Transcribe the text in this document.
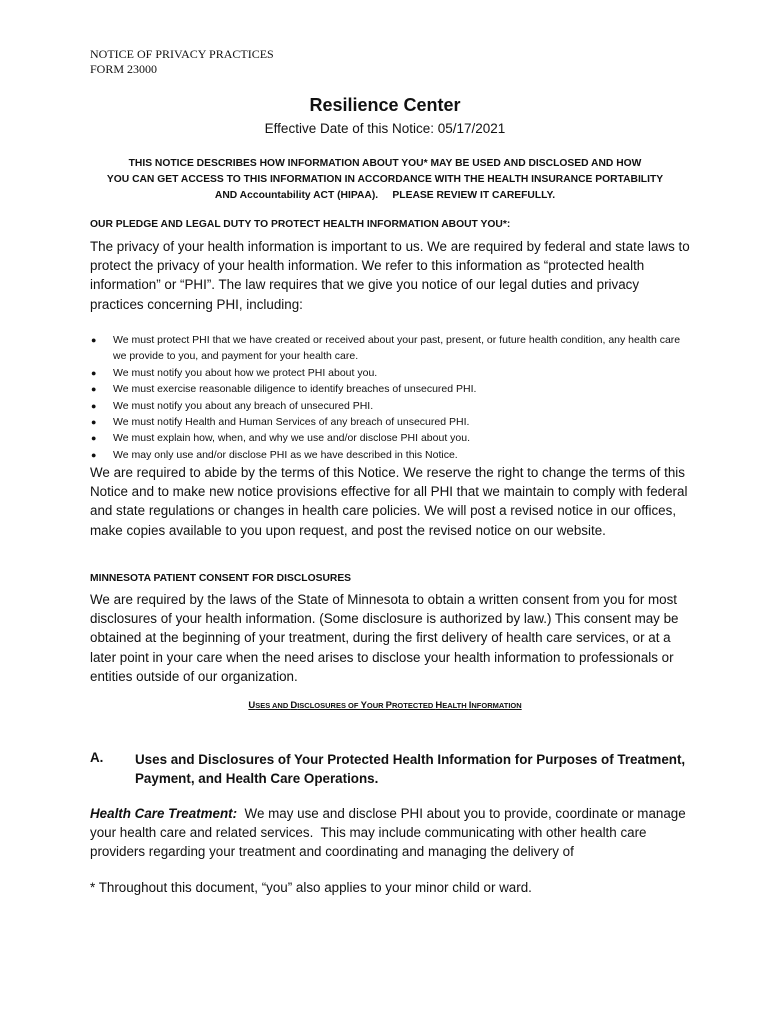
NOTICE OF PRIVACY PRACTICES
FORM 23000
Resilience Center
Effective Date of this Notice: 05/17/2021
THIS NOTICE DESCRIBES HOW INFORMATION ABOUT YOU* MAY BE USED AND DISCLOSED AND HOW
YOU CAN GET ACCESS TO THIS INFORMATION IN ACCORDANCE WITH THE HEALTH INSURANCE PORTABILITY
AND Accountability ACT (HIPAA).     PLEASE REVIEW IT CAREFULLY.
OUR PLEDGE AND LEGAL DUTY TO PROTECT HEALTH INFORMATION ABOUT YOU*:
The privacy of your health information is important to us. We are required by federal and state laws to protect the privacy of your health information. We refer to this information as “protected health information” or “PHI”. The law requires that we give you notice of our legal duties and privacy practices concerning PHI, including:
● We must protect PHI that we have created or received about your past, present, or future health condition, any health care we provide to you, and payment for your health care.
● We must notify you about how we protect PHI about you.
● We must exercise reasonable diligence to identify breaches of unsecured PHI.
● We must notify you about any breach of unsecured PHI.
● We must notify Health and Human Services of any breach of unsecured PHI.
● We must explain how, when, and why we use and/or disclose PHI about you.
● We may only use and/or disclose PHI as we have described in this Notice.
We are required to abide by the terms of this Notice. We reserve the right to change the terms of this Notice and to make new notice provisions effective for all PHI that we maintain to comply with federal and state regulations or changes in health care policies. We will post a revised notice in our offices, make copies available to you upon request, and post the revised notice on our website.
MINNESOTA PATIENT CONSENT FOR DISCLOSURES
We are required by the laws of the State of Minnesota to obtain a written consent from you for most disclosures of your health information. (Some disclosure is authorized by law.) This consent may be obtained at the beginning of your treatment, during the first delivery of health care services, or at a later point in your care when the need arises to disclose your health information to professionals or entities outside of our organization.
USES AND DISCLOSURES OF YOUR PROTECTED HEALTH INFORMATION
A. Uses and Disclosures of Your Protected Health Information for Purposes of Treatment, Payment, and Health Care Operations.
Health Care Treatment:  We may use and disclose PHI about you to provide, coordinate or manage your health care and related services.  This may include communicating with other health care providers regarding your treatment and coordinating and managing the delivery of
* Throughout this document, “you” also applies to your minor child or ward.
